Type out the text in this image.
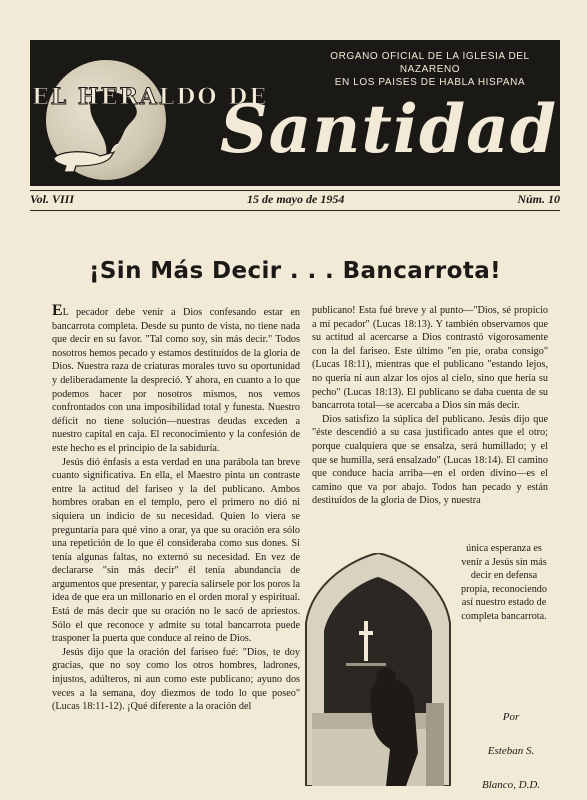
EL HERALDO DE
ORGANO OFICIAL DE LA IGLESIA DEL NAZARENO
EN LOS PAISES DE HABLA HISPANA
Santidad
Vol. VIII	15 de mayo de 1954	Núm. 10
¡Sin Más Decir . . . Bancarrota!

EL pecador debe venir a Dios confesando estar en bancarrota completa. Desde su punto de vista, no tiene nada que decir en su favor. "Tal como soy, sin más decir." Todos nosotros hemos pecado y estamos destituídos de la gloria de Dios. Nuestra raza de criaturas morales tuvo su oportunidad y deliberadamente la despreció. Y ahora, en cuanto a lo que podemos hacer por nosotros mismos, nos vemos confrontados con una imposibilidad total y funesta. Nuestro déficit no tiene solución—nuestras deudas exceden a nuestro capital en caja. El reconocimiento y la confesión de este hecho es el principio de la sabiduría.

Jesús dió énfasis a esta verdad en una parábola tan breve cuanto significativa. En ella, el Maestro pinta un contraste entre la actitud del fariseo y la del publicano. Ambos hombres oraban en el templo, pero el primero no dió ni siquiera un indicio de su necesidad. Quien lo viera se preguntaría para qué vino a orar, ya que su oración era sólo una repetición de lo que él consideraba como sus dones. Si tenía algunas faltas, no externó su necesidad. En vez de declararse "sin más decir" él tenía abundancia de argumentos que presentar, y parecía salirsele por los poros la idea de que era un millonario en el orden moral y espiritual. Está de más decir que su oración no le sacó de apriestos. Sólo el que reconoce y admite su total bancarrota puede trasponer la puerta que conduce al reino de Dios.

Jesús dijo que la oración del fariseo fué: "Dios, te doy gracias, que no soy como los otros hombres, ladrones, injustos, adúlteros, ni aun como este publicano; ayuno dos veces a la semana, doy diezmos de todo lo que poseo" (Lucas 18:11-12). ¡Qué diferente a la oración del

publicano! Esta fué breve y al punto—"Dios, sé propicio a mí pecador" (Lucas 18:13). Y también observamos que su actitud al acercarse a Dios contrastó vigorosamente con la del fariseo. Este último "en pie, oraba consigo" (Lucas 18:11), mientras que el publicano "estando lejos, no quería ni aun alzar los ojos al cielo, sino que hería su pecho" (Lucas 18:13). El publicano se daba cuenta de su bancarrota total—se acercaba a Dios sin más decir.

Dios satisfizo la súplica del publicano. Jesús dijo que "éste descendió a su casa justificado antes que el otro; porque cualquiera que se ensalza, será humillado; y el que se humilla, será ensalzado" (Lucas 18:14). El camino que conduce hacia arriba—en el orden divino—es el camino que va por abajo. Todos han pecado y están destituídos de la gloria de Dios, y nuestra

única esperanza es venir a Jesús sin más decir en defensa propia, reconociendo así nuestro estado de completa bancarrota.

Por
Esteban S.
Blanco, D.D.
